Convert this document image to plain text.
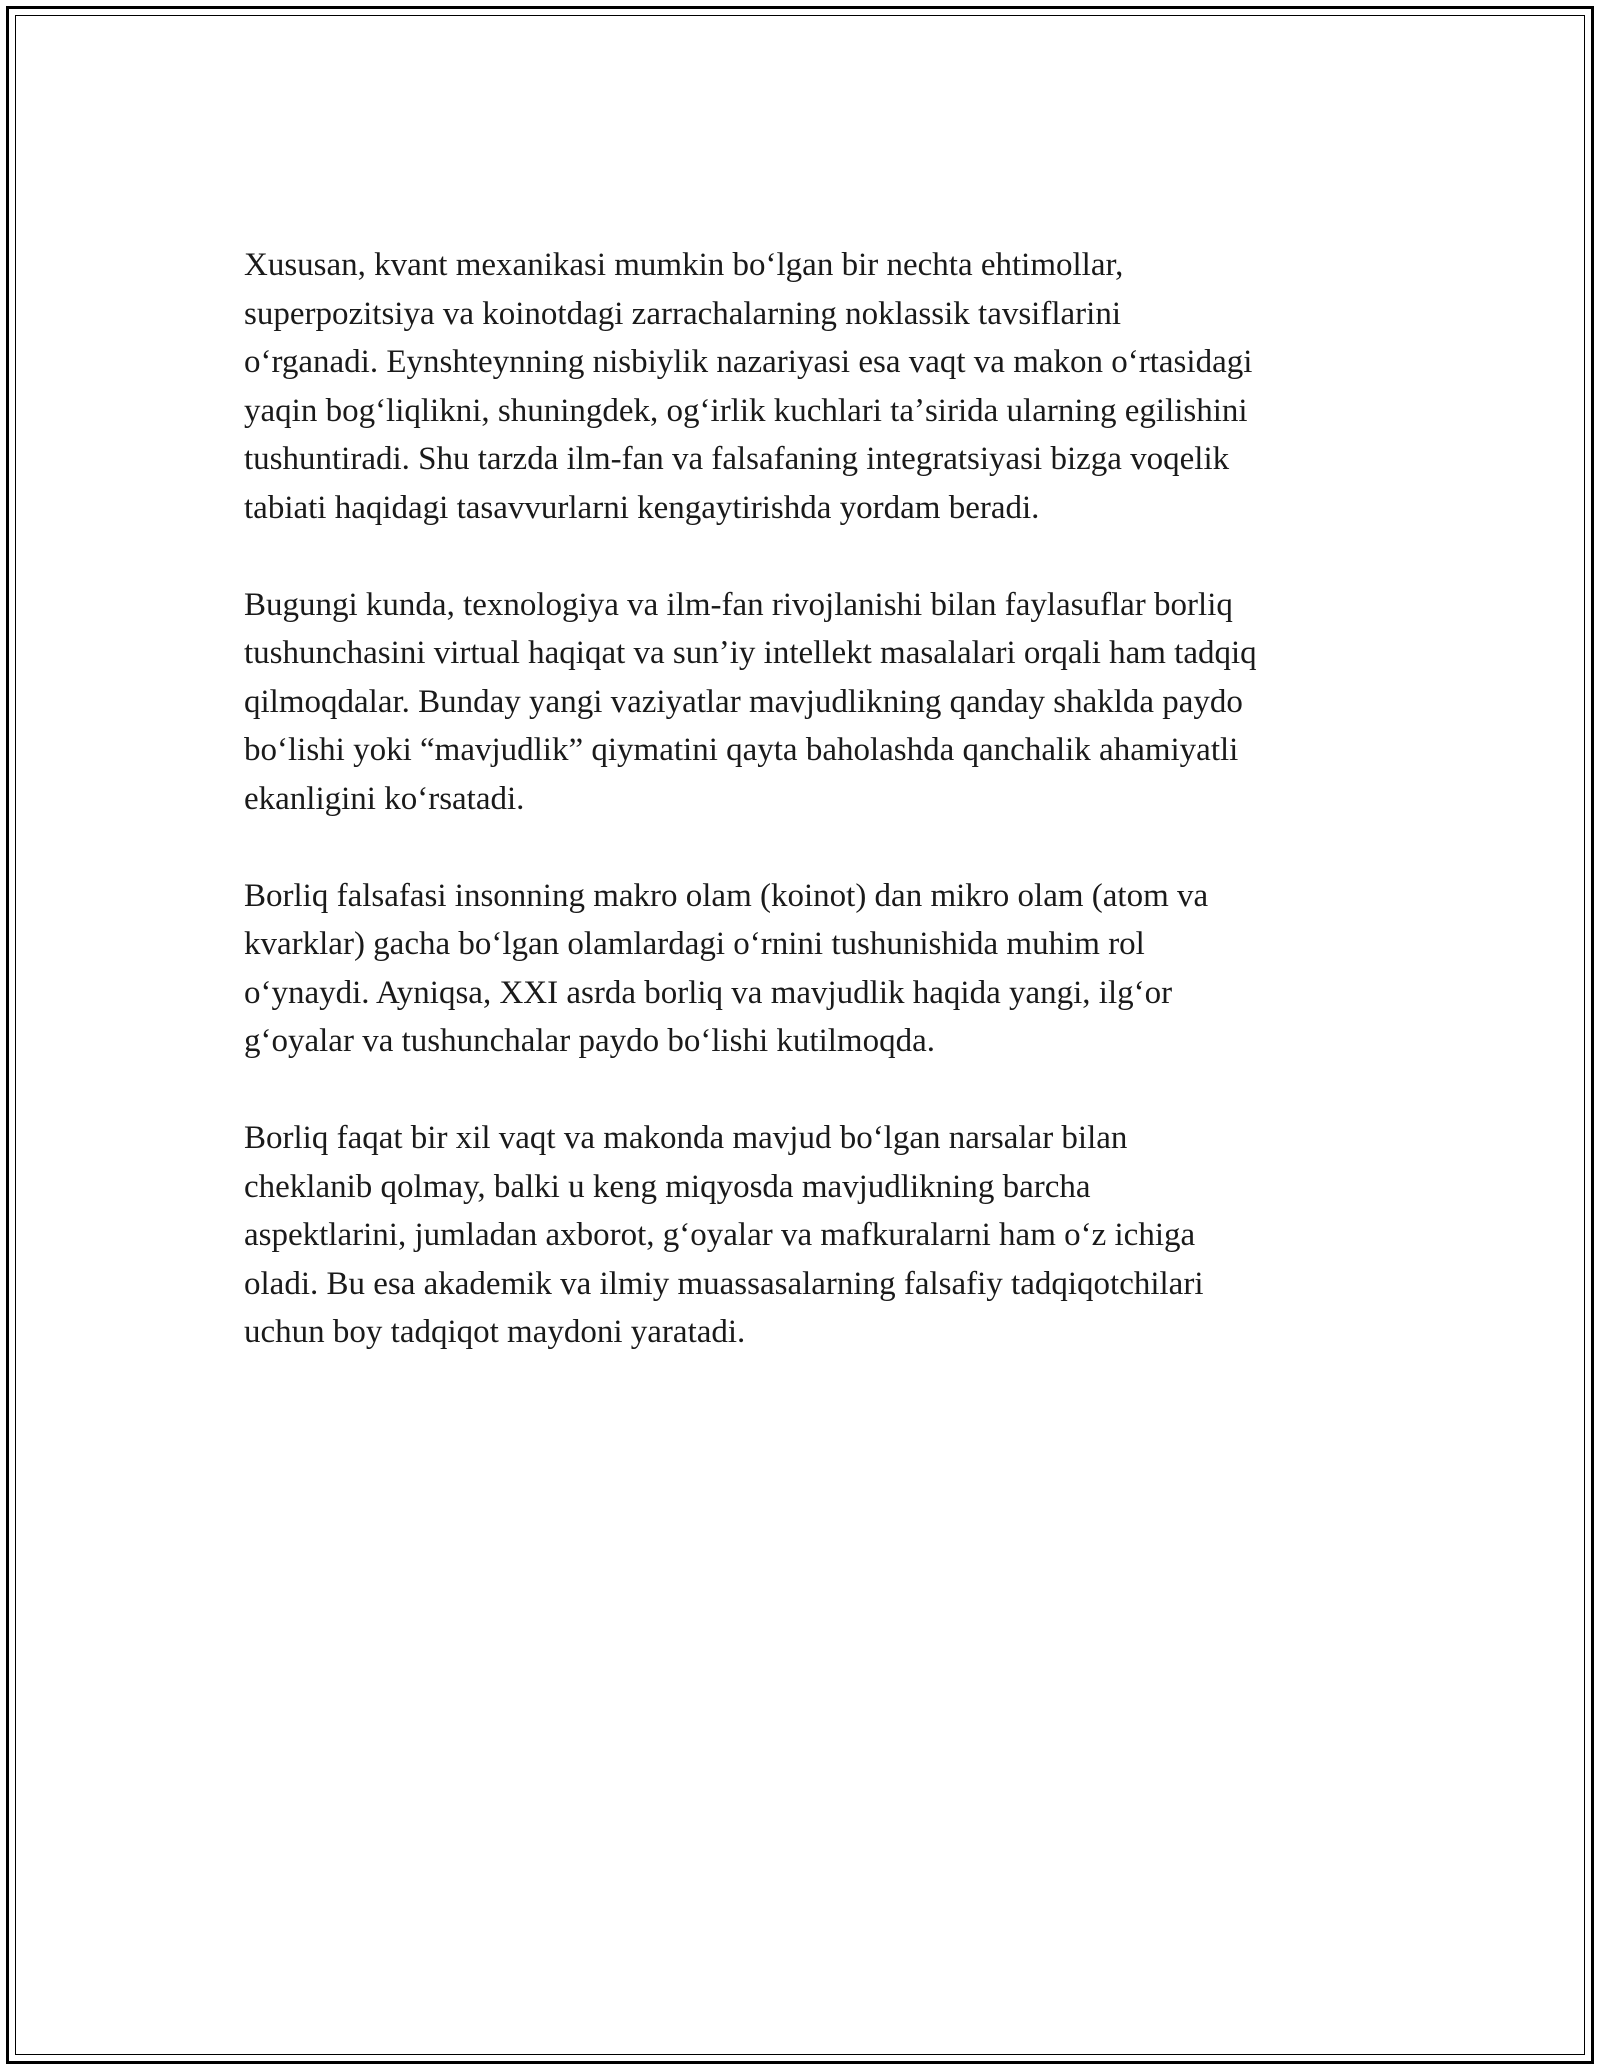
Xususan, kvant mexanikasi mumkin boʻlgan bir nechta ehtimollar,
superpozitsiya va koinotdagi zarrachalarning noklassik tavsiflarini
oʻrganadi. Eynshteynning nisbiylik nazariyasi esa vaqt va makon oʻrtasidagi
yaqin bogʻliqlikni, shuningdek, ogʻirlik kuchlari taʼsirida ularning egilishini
tushuntiradi. Shu tarzda ilm-fan va falsafaning integratsiyasi bizga voqelik
tabiati haqidagi tasavvurlarni kengaytirishda yordam beradi.

Bugungi kunda, texnologiya va ilm-fan rivojlanishi bilan faylasuflar borliq
tushunchasini virtual haqiqat va sunʼiy intellekt masalalari orqali ham tadqiq
qilmoqdalar. Bunday yangi vaziyatlar mavjudlikning qanday shaklda paydo
boʻlishi yoki “mavjudlik” qiymatini qayta baholashda qanchalik ahamiyatli
ekanligini koʻrsatadi.

Borliq falsafasi insonning makro olam (koinot) dan mikro olam (atom va
kvarklar) gacha boʻlgan olamlardagi oʻrnini tushunishida muhim rol
oʻynaydi. Ayniqsa, XXI asrda borliq va mavjudlik haqida yangi, ilgʻor
gʻoyalar va tushunchalar paydo boʻlishi kutilmoqda.

Borliq faqat bir xil vaqt va makonda mavjud boʻlgan narsalar bilan
cheklanib qolmay, balki u keng miqyosda mavjudlikning barcha
aspektlarini, jumladan axborot, gʻoyalar va mafkuralarni ham oʻz ichiga
oladi. Bu esa akademik va ilmiy muassasalarning falsafiy tadqiqotchilari
uchun boy tadqiqot maydoni yaratadi.
